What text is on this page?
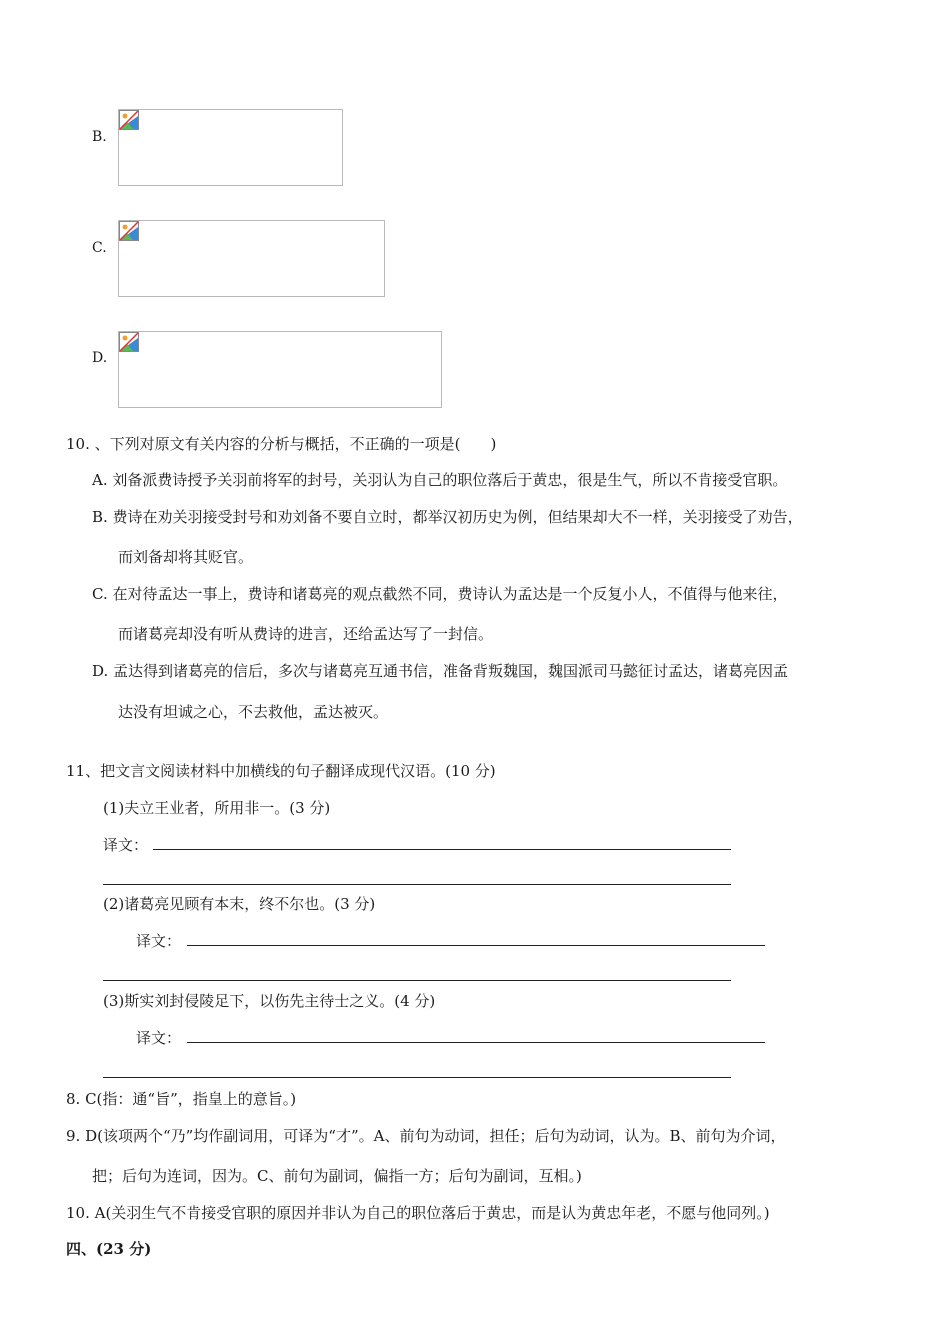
B.
C.
D.
10. 、下列对原文有关内容的分析与概括，不正确的一项是(　　)
A. 刘备派费诗授予关羽前将军的封号，关羽认为自己的职位落后于黄忠，很是生气，所以不肯接受官职。
B. 费诗在劝关羽接受封号和劝刘备不要自立时，都举汉初历史为例，但结果却大不一样，关羽接受了劝告，
而刘备却将其贬官。
C. 在对待孟达一事上，费诗和诸葛亮的观点截然不同，费诗认为孟达是一个反复小人，不值得与他来往，
而诸葛亮却没有听从费诗的进言，还给孟达写了一封信。
D. 孟达得到诸葛亮的信后，多次与诸葛亮互通书信，准备背叛魏国，魏国派司马懿征讨孟达，诸葛亮因孟
达没有坦诚之心，不去救他，孟达被灭。
11、把文言文阅读材料中加横线的句子翻译成现代汉语。(10 分)
(1)夫立王业者，所用非一。(3 分)
译文：
(2)诸葛亮见顾有本末，终不尔也。(3 分)
译文：
(3)斯实刘封侵陵足下，以伤先主待士之义。(4 分)
译文：
8. C(指：通“旨”，指皇上的意旨。)
9. D(该项两个“乃”均作副词用，可译为“才”。A、前句为动词，担任；后句为动词，认为。B、前句为介词，
把；后句为连词，因为。C、前句为副词，偏指一方；后句为副词，互相。)
10. A(关羽生气不肯接受官职的原因并非认为自己的职位落后于黄忠，而是认为黄忠年老，不愿与他同列。)
四、(23 分)
